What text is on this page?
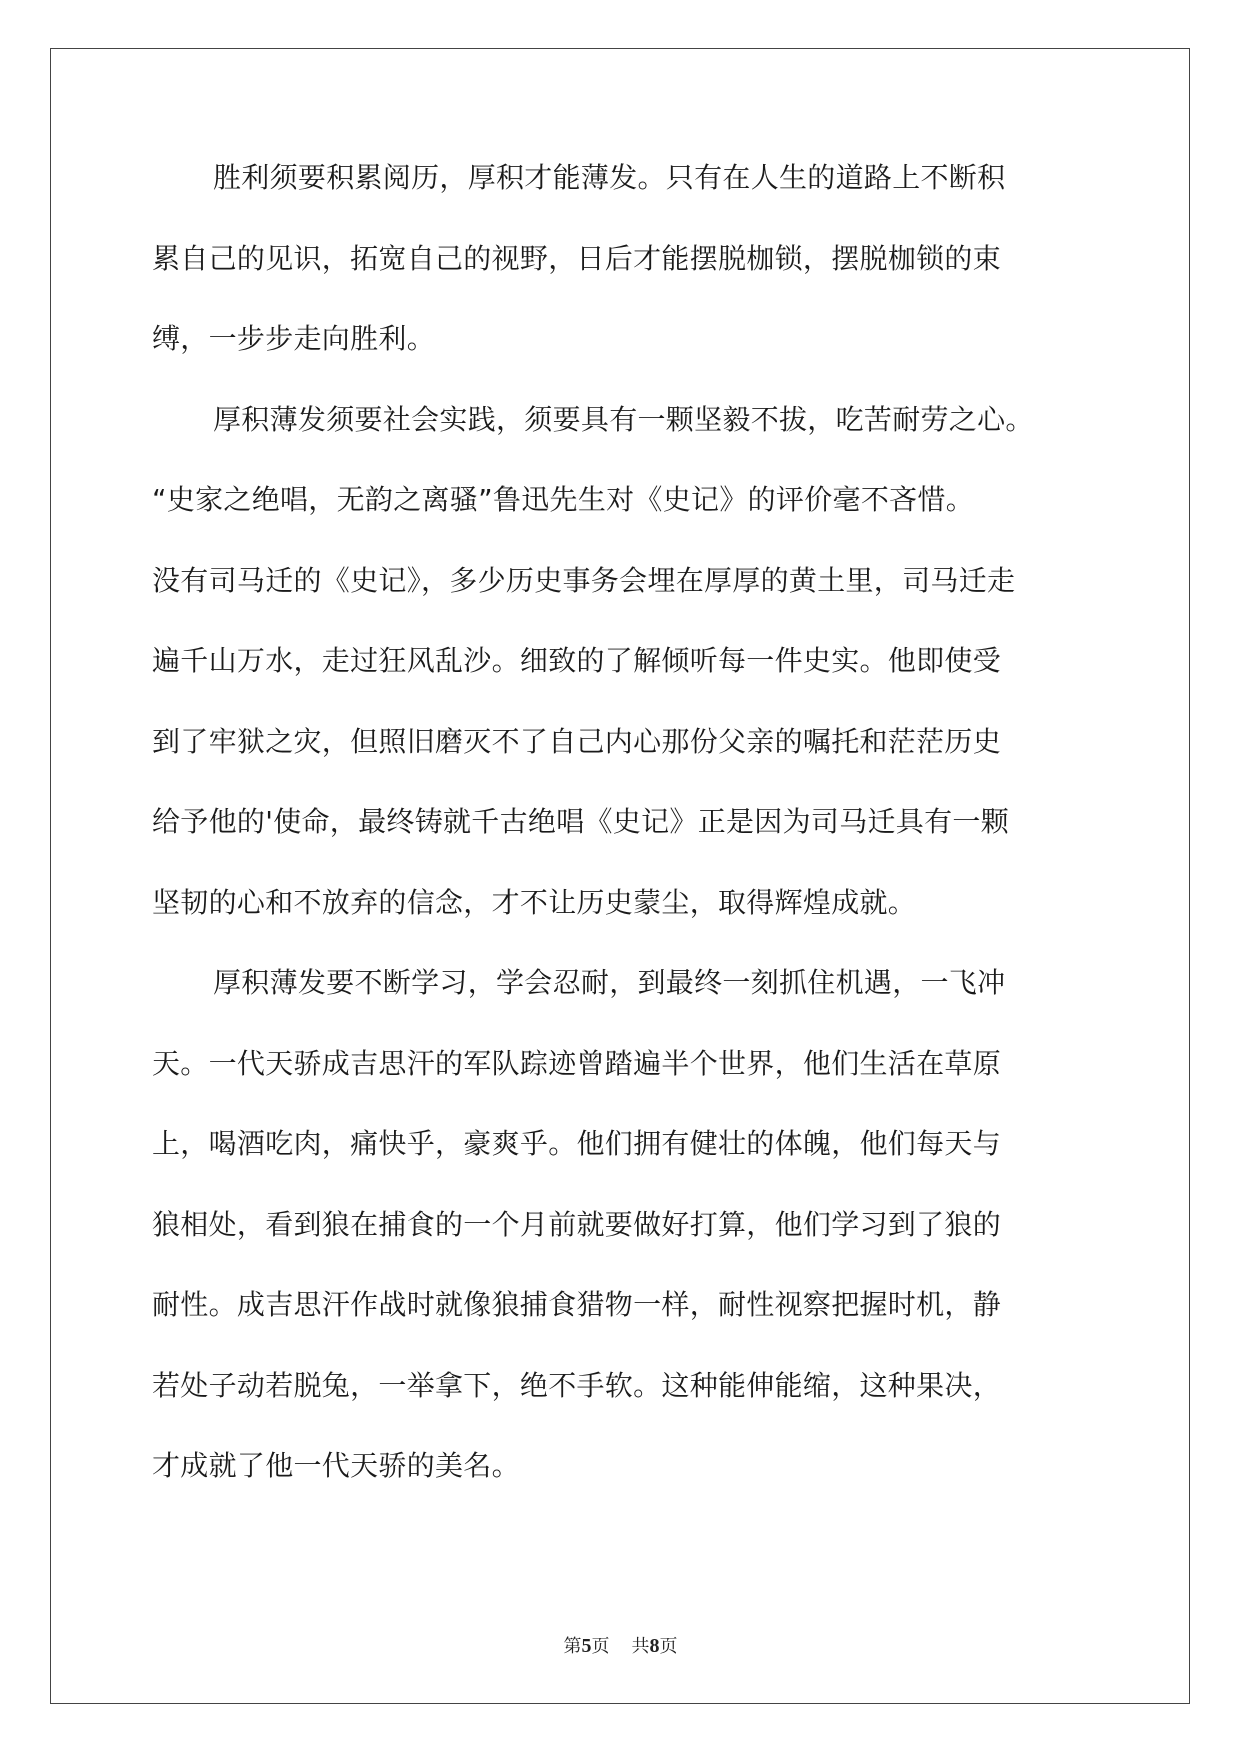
胜利须要积累阅历，厚积才能薄发。只有在人生的道路上不断积
累自己的见识，拓宽自己的视野，日后才能摆脱枷锁，摆脱枷锁的束
缚，一步步走向胜利。
厚积薄发须要社会实践，须要具有一颗坚毅不拔，吃苦耐劳之心。
“史家之绝唱，无韵之离骚”鲁迅先生对《史记》的评价毫不吝惜。
没有司马迁的《史记》，多少历史事务会埋在厚厚的黄土里，司马迁走
遍千山万水，走过狂风乱沙。细致的了解倾听每一件史实。他即使受
到了牢狱之灾，但照旧磨灭不了自己内心那份父亲的嘱托和茫茫历史
给予他的'使命，最终铸就千古绝唱《史记》正是因为司马迁具有一颗
坚韧的心和不放弃的信念，才不让历史蒙尘，取得辉煌成就。
厚积薄发要不断学习，学会忍耐，到最终一刻抓住机遇，一飞冲
天。一代天骄成吉思汗的军队踪迹曾踏遍半个世界，他们生活在草原
上，喝酒吃肉，痛快乎，豪爽乎。他们拥有健壮的体魄，他们每天与
狼相处，看到狼在捕食的一个月前就要做好打算，他们学习到了狼的
耐性。成吉思汗作战时就像狼捕食猎物一样，耐性视察把握时机，静
若处子动若脱兔，一举拿下，绝不手软。这种能伸能缩，这种果决，
才成就了他一代天骄的美名。
第5页 共8页
